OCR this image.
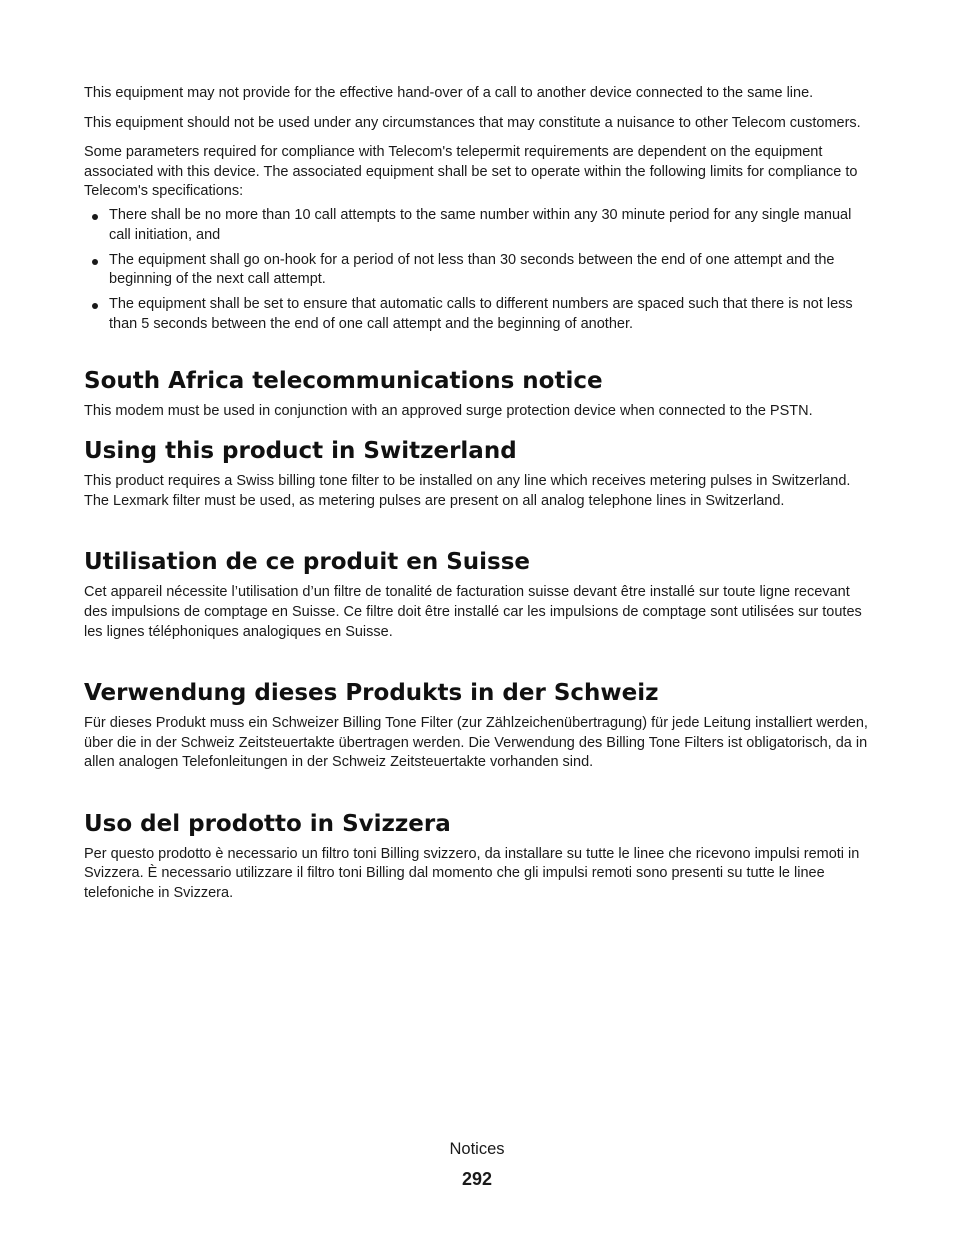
This equipment may not provide for the effective hand-over of a call to another device connected to the same line.

This equipment should not be used under any circumstances that may constitute a nuisance to other Telecom customers.

Some parameters required for compliance with Telecom's telepermit requirements are dependent on the equipment associated with this device. The associated equipment shall be set to operate within the following limits for compliance to Telecom's specifications:

There shall be no more than 10 call attempts to the same number within any 30 minute period for any single manual call initiation, and
The equipment shall go on-hook for a period of not less than 30 seconds between the end of one attempt and the beginning of the next call attempt.
The equipment shall be set to ensure that automatic calls to different numbers are spaced such that there is not less than 5 seconds between the end of one call attempt and the beginning of another.
South Africa telecommunications notice

This modem must be used in conjunction with an approved surge protection device when connected to the PSTN.

Using this product in Switzerland

This product requires a Swiss billing tone filter to be installed on any line which receives metering pulses in Switzerland. The Lexmark filter must be used, as metering pulses are present on all analog telephone lines in Switzerland.

Utilisation de ce produit en Suisse

Cet appareil nécessite l’utilisation d’un filtre de tonalité de facturation suisse devant être installé sur toute ligne recevant des impulsions de comptage en Suisse. Ce filtre doit être installé car les impulsions de comptage sont utilisées sur toutes les lignes téléphoniques analogiques en Suisse.

Verwendung dieses Produkts in der Schweiz

Für dieses Produkt muss ein Schweizer Billing Tone Filter (zur Zählzeichenübertragung) für jede Leitung installiert werden, über die in der Schweiz Zeitsteuertakte übertragen werden. Die Verwendung des Billing Tone Filters ist obligatorisch, da in allen analogen Telefonleitungen in der Schweiz Zeitsteuertakte vorhanden sind.

Uso del prodotto in Svizzera

Per questo prodotto è necessario un filtro toni Billing svizzero, da installare su tutte le linee che ricevono impulsi remoti in Svizzera. È necessario utilizzare il filtro toni Billing dal momento che gli impulsi remoti sono presenti su tutte le linee telefoniche in Svizzera.

Notices
292
